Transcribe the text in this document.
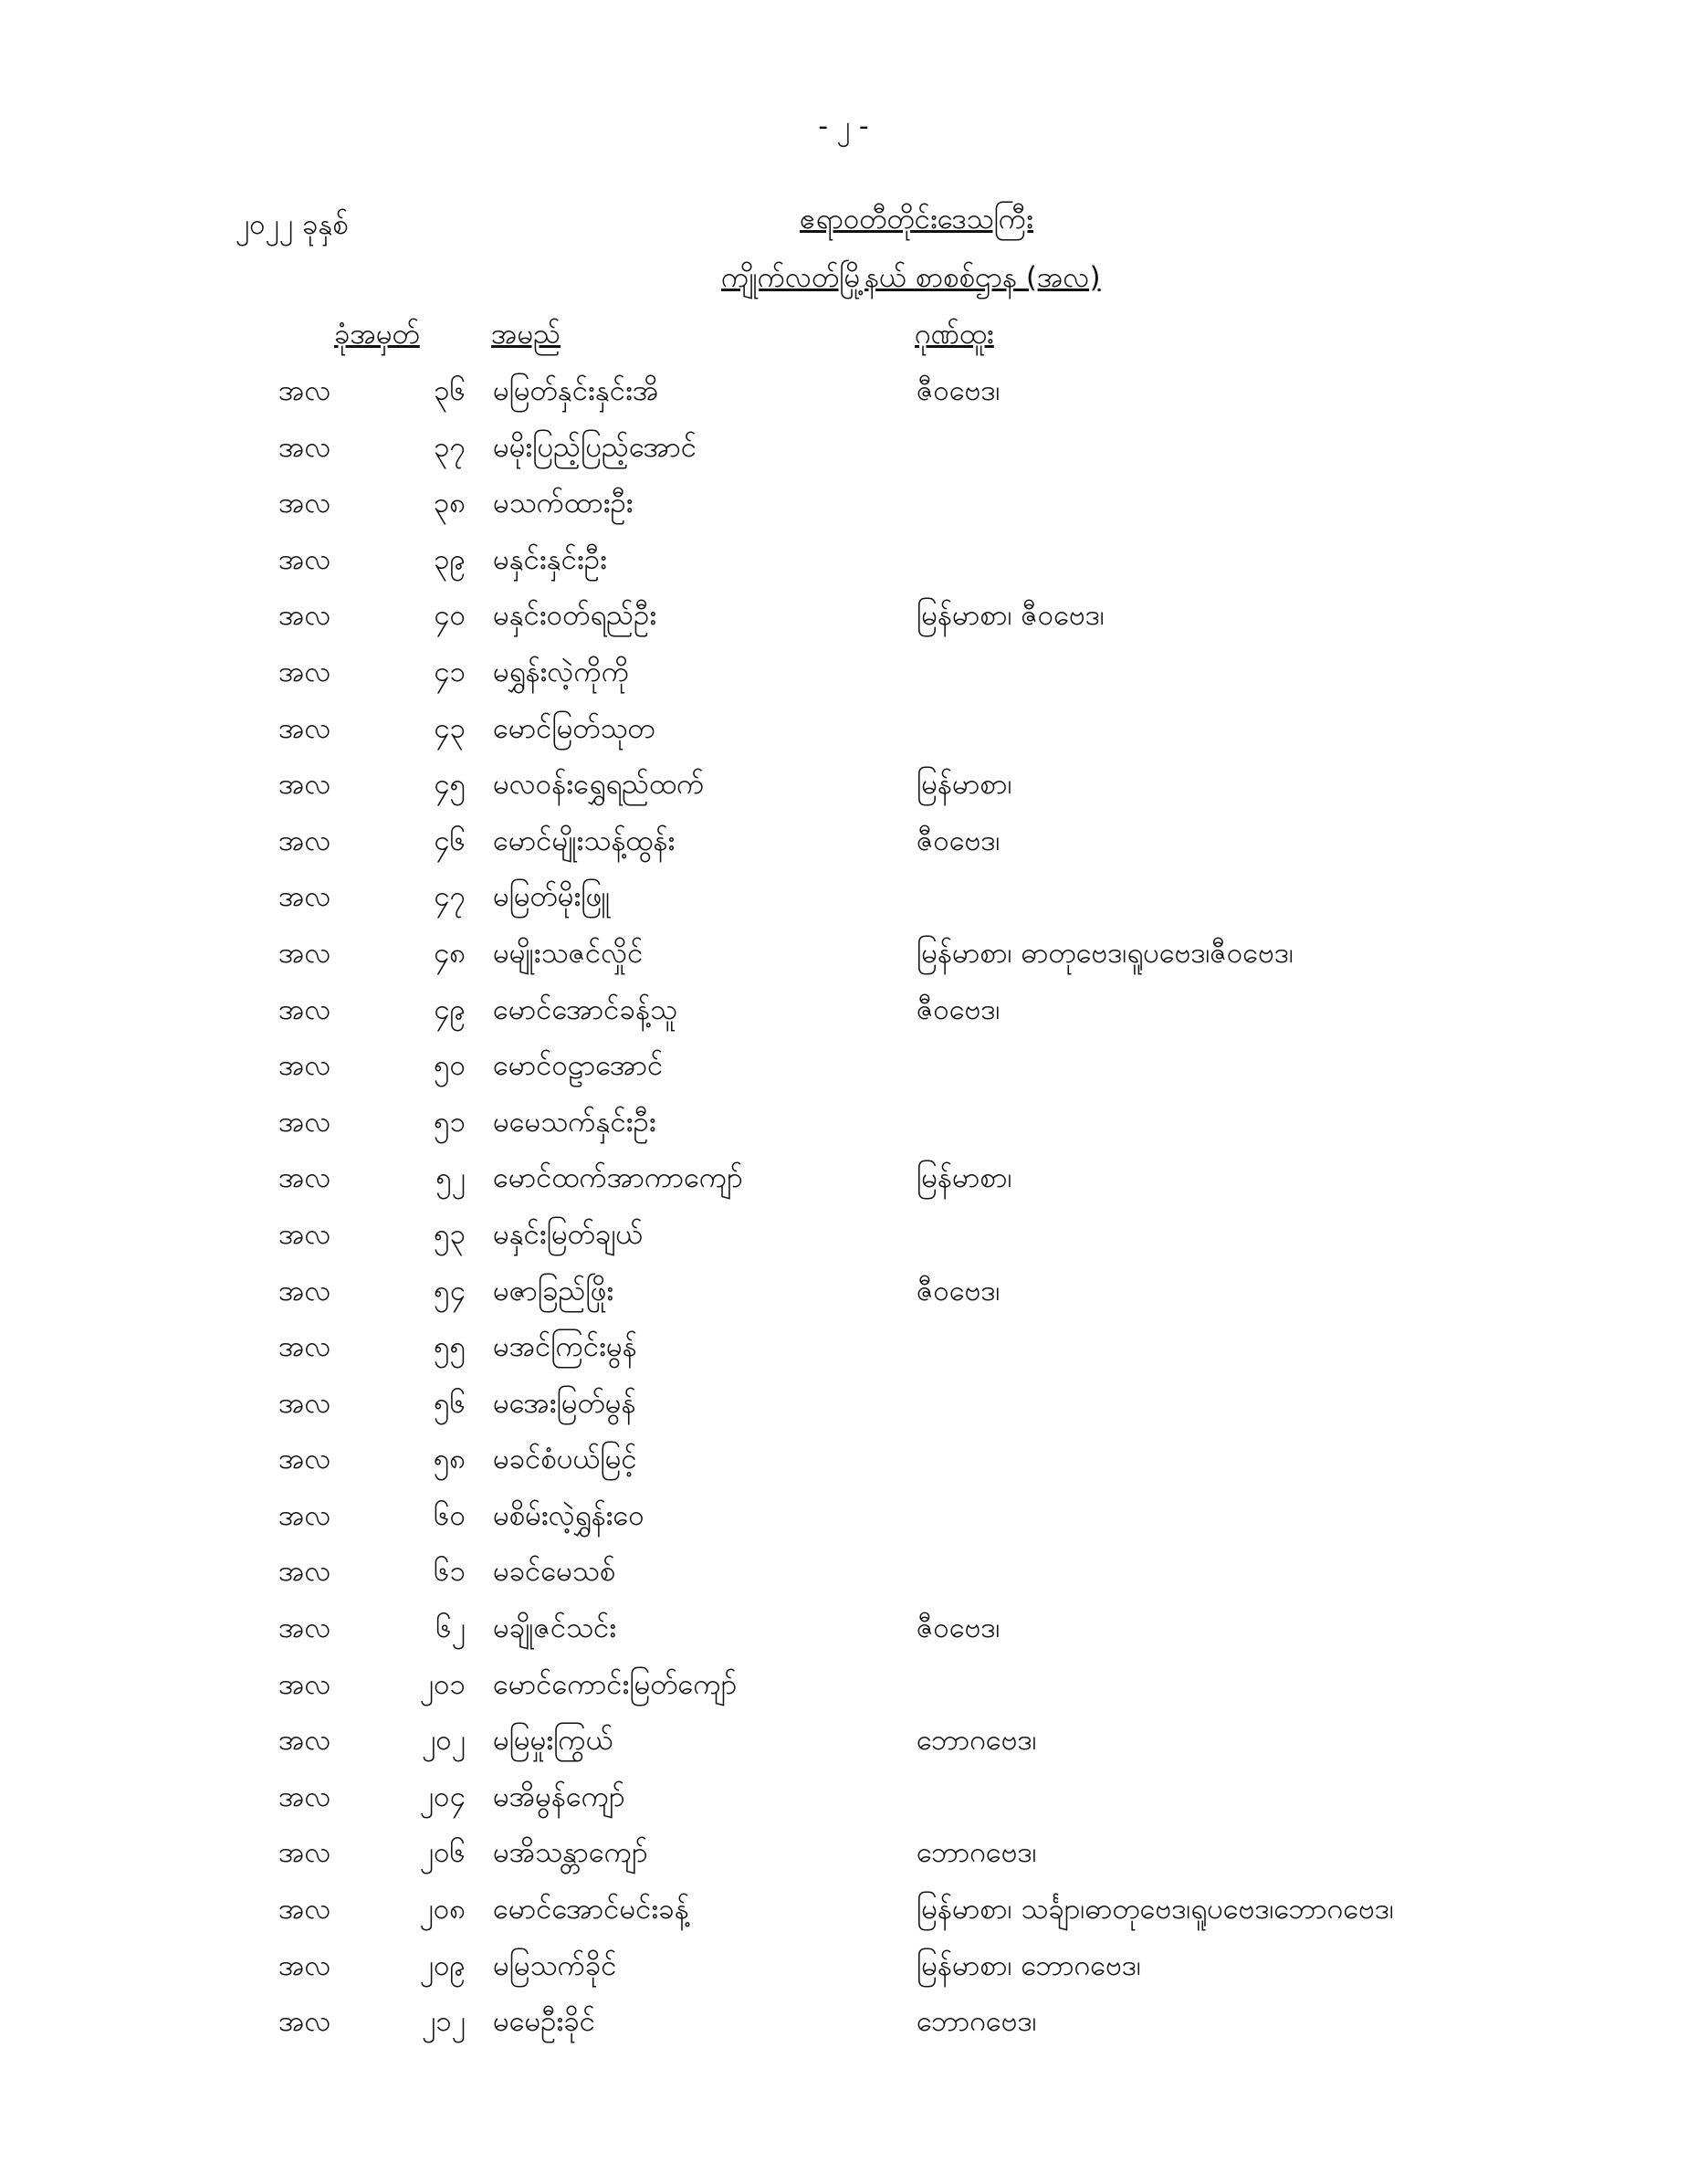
- ၂ -
၂၀၂၂ ခုနှစ်	ဧရာဝတီတိုင်းဒေသကြီး
ကျိုက်လတ်မြို့နယ် စာစစ်ဌာန (အလ)
ခုံအမှတ်	အမည်	ဂုဏ်ထူး
အလ	၃၆ မမြတ်နှင်းနှင်းအိ	ဇီဝဗေဒ၊
အလ	၃၇ မမိုးပြည့်ပြည့်အောင်
အလ	၃၈ မသက်ထားဦး
အလ	၃၉ မနှင်းနှင်းဦး
အလ	၄၀ မနှင်းဝတ်ရည်ဦး	မြန်မာစာ၊ ဇီဝဗေဒ၊
အလ	၄၁ မရွှန်းလဲ့ကိုကို
အလ	၄၃ မောင်မြတ်သုတ
အလ	၄၅ မလဝန်းရွှေရည်ထက်	မြန်မာစာ၊
အလ	၄၆ မောင်မျိုးသန့်ထွန်း	ဇီဝဗေဒ၊
အလ	၄၇ မမြတ်မိုးဖြူ
အလ	၄၈ မမျိုးသဇင်လှိုင်	မြန်မာစာ၊ ဓာတုဗေဒ၊ရူပဗေဒ၊ဇီဝဗေဒ၊
အလ	၄၉ မောင်အောင်ခန့်သူ	ဇီဝဗေဒ၊
အလ	၅၀ မောင်ဝဠာအောင်
အလ	၅၁ မမေသက်နှင်းဦး
အလ	၅၂ မောင်ထက်အာကာကျော်	မြန်မာစာ၊
အလ	၅၃ မနှင်းမြတ်ချယ်
အလ	၅၄ မဇာခြည်ဖြိုး	ဇီဝဗေဒ၊
အလ	၅၅ မအင်ကြင်းမွန်
အလ	၅၆ မအေးမြတ်မွန်
အလ	၅၈ မခင်စံပယ်မြင့်
အလ	၆၀ မစိမ်းလဲ့ရွှန်းဝေ
အလ	၆၁ မခင်မေသစ်
အလ	၆၂ မချိုဇင်သင်း	ဇီဝဗေဒ၊
အလ	၂၀၁ မောင်ကောင်းမြတ်ကျော်
အလ	၂၀၂ မမြမှုးကြွယ်	ဘောဂဗေဒ၊
အလ	၂၀၄ မအိမွန်ကျော်
အလ	၂၀၆ မအိသန္တာကျော်	ဘောဂဗေဒ၊
အလ	၂၀၈ မောင်အောင်မင်းခန့်	မြန်မာစာ၊ သင်္ချာ၊ဓာတုဗေဒ၊ရူပဗေဒ၊ဘောဂဗေဒ၊
အလ	၂၀၉ မမြသက်ခိုင်	မြန်မာစာ၊ ဘောဂဗေဒ၊
အလ	၂၁၂ မမေဦးခိုင်	ဘောဂဗေဒ၊
